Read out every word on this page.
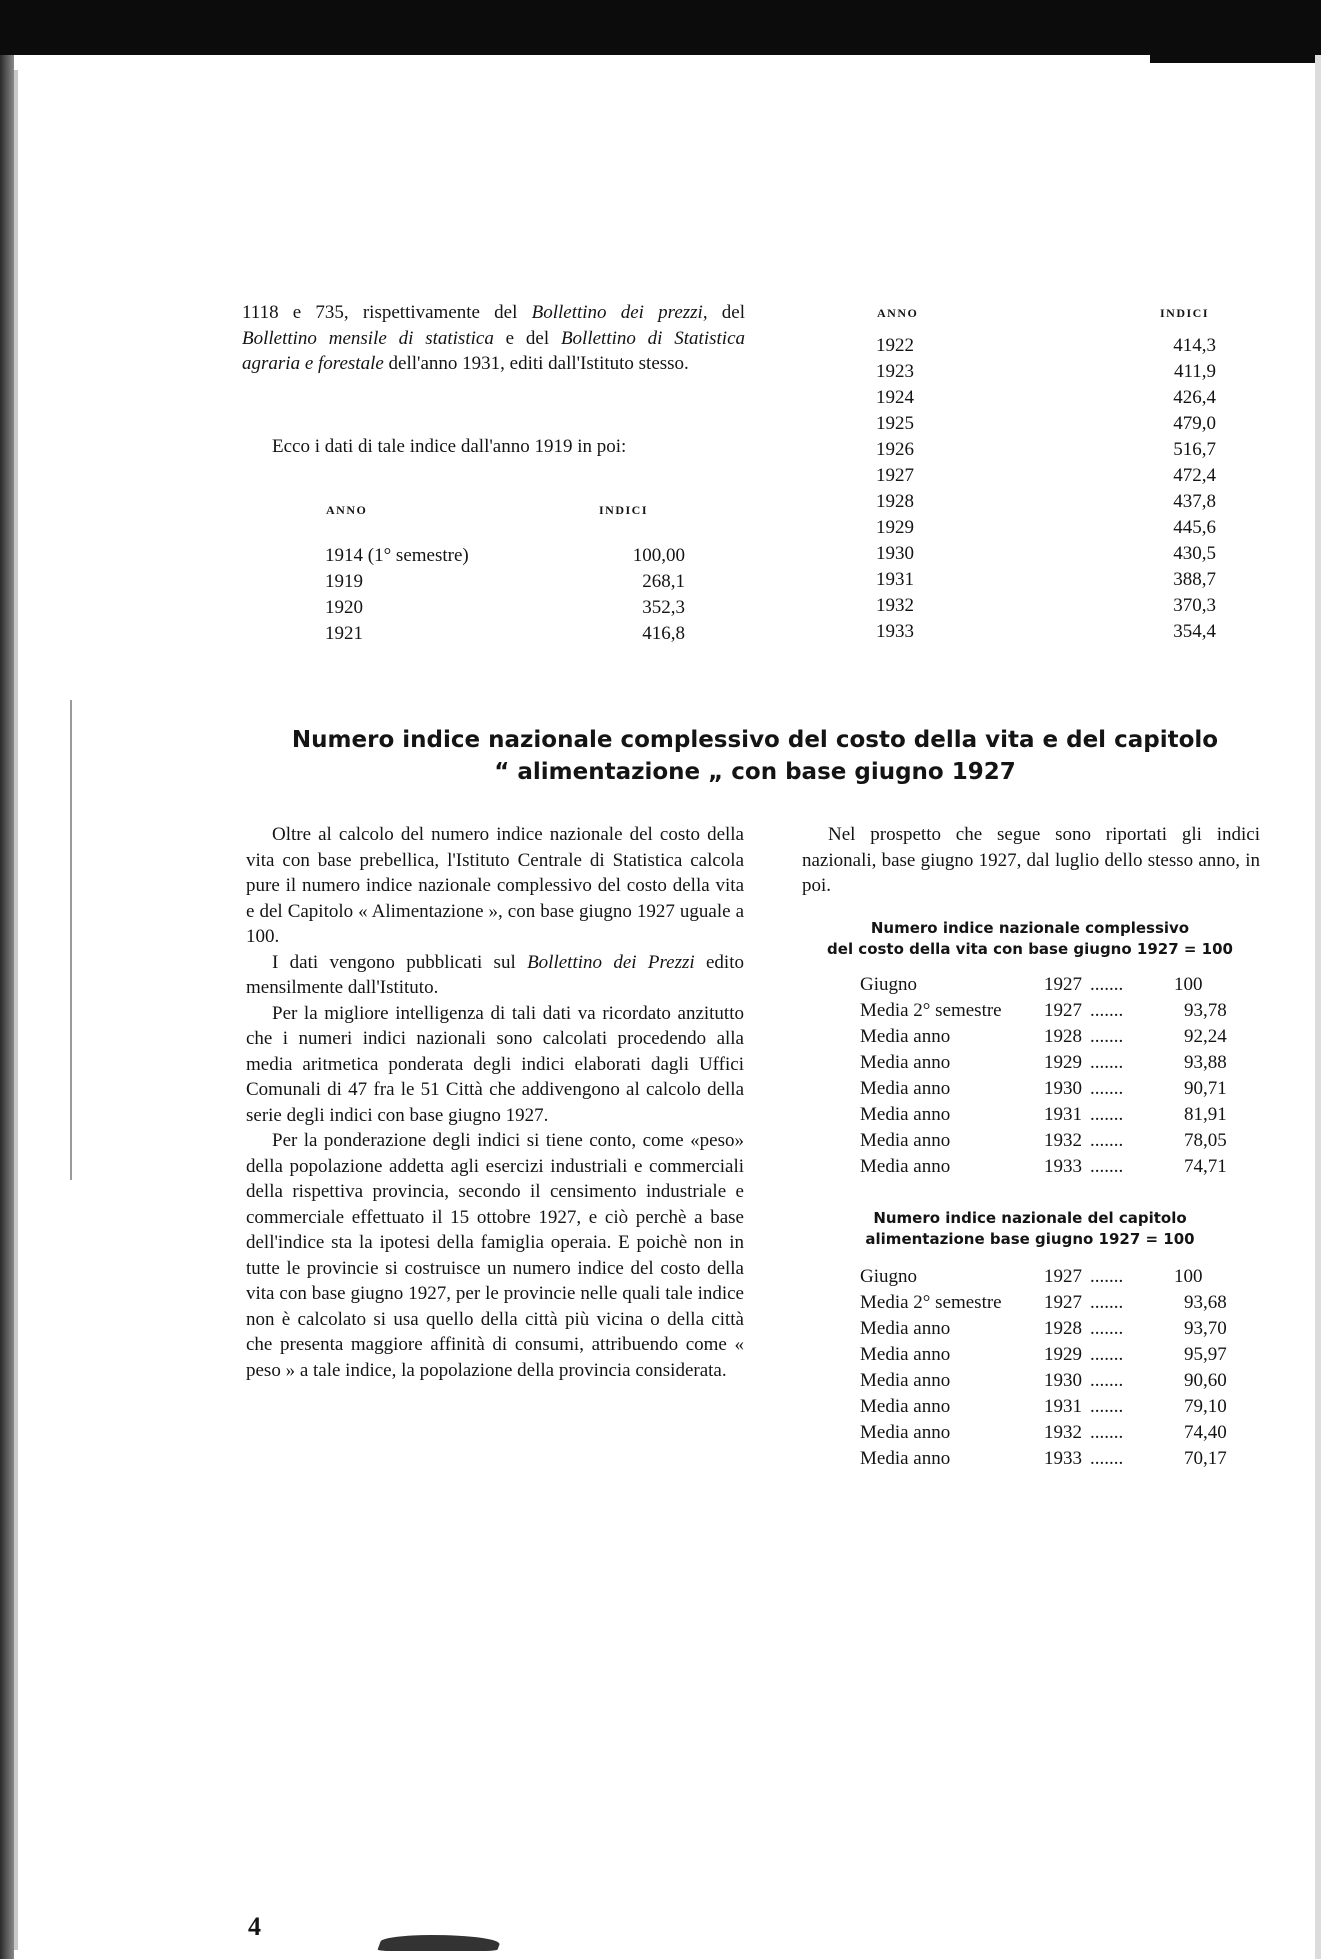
1118 e 735, rispettivamente del Bollettino dei prezzi, del Bollettino mensile di statistica e del Bollettino di Statistica agraria e forestale dell'anno 1931, editi dall'Istituto stesso.
Ecco i dati di tale indice dall'anno 1919 in poi:
ANNO	INDICI
1914 (1° semestre)	100,00
1919	268,1
1920	352,3
1921	416,8
ANNO	INDICI
1922	414,3
1923	411,9
1924	426,4
1925	479,0
1926	516,7
1927	472,4
1928	437,8
1929	445,6
1930	430,5
1931	388,7
1932	370,3
1933	354,4
Numero indice nazionale complessivo del costo della vita e del capitolo
“ alimentazione „ con base giugno 1927
Oltre al calcolo del numero indice nazionale del costo della vita con base prebellica, l'Istituto Centrale di Statistica calcola pure il numero indice nazionale complessivo del costo della vita e del Capitolo « Alimentazione », con base giugno 1927 uguale a 100.
I dati vengono pubblicati sul Bollettino dei Prezzi edito mensilmente dall'Istituto.
Per la migliore intelligenza di tali dati va ricordato anzitutto che i numeri indici nazionali sono calcolati procedendo alla media aritmetica ponderata degli indici elaborati dagli Uffici Comunali di 47 fra le 51 Città che addivengono al calcolo della serie degli indici con base giugno 1927.
Per la ponderazione degli indici si tiene conto, come «peso» della popolazione addetta agli esercizi industriali e commerciali della rispettiva provincia, secondo il censimento industriale e commerciale effettuato il 15 ottobre 1927, e ciò perchè a base dell'indice sta la ipotesi della famiglia operaia. E poichè non in tutte le provincie si costruisce un numero indice del costo della vita con base giugno 1927, per le provincie nelle quali tale indice non è calcolato si usa quello della città più vicina o della città che presenta maggiore affinità di consumi, attribuendo come « peso » a tale indice, la popolazione della provincia considerata.
Nel prospetto che segue sono riportati gli indici nazionali, base giugno 1927, dal luglio dello stesso anno, in poi.
Numero indice nazionale complessivo
del costo della vita con base giugno 1927 = 100
Giugno	1927 .......	100
Media 2° semestre 1927 .......	93,78
Media anno	1928 .......	92,24
Media anno	1929 .......	93,88
Media anno	1930 .......	90,71
Media anno	1931 .......	81,91
Media anno	1932 .......	78,05
Media anno	1933 .......	74,71
Numero indice nazionale del capitolo
alimentazione base giugno 1927 = 100
Giugno	1927 .......	100
Media 2° semestre 1927 .......	93,68
Media anno	1928 .......	93,70
Media anno	1929 .......	95,97
Media anno	1930 .......	90,60
Media anno	1931 .......	79,10
Media anno	1932 .......	74,40
Media anno	1933 .......	70,17
4
